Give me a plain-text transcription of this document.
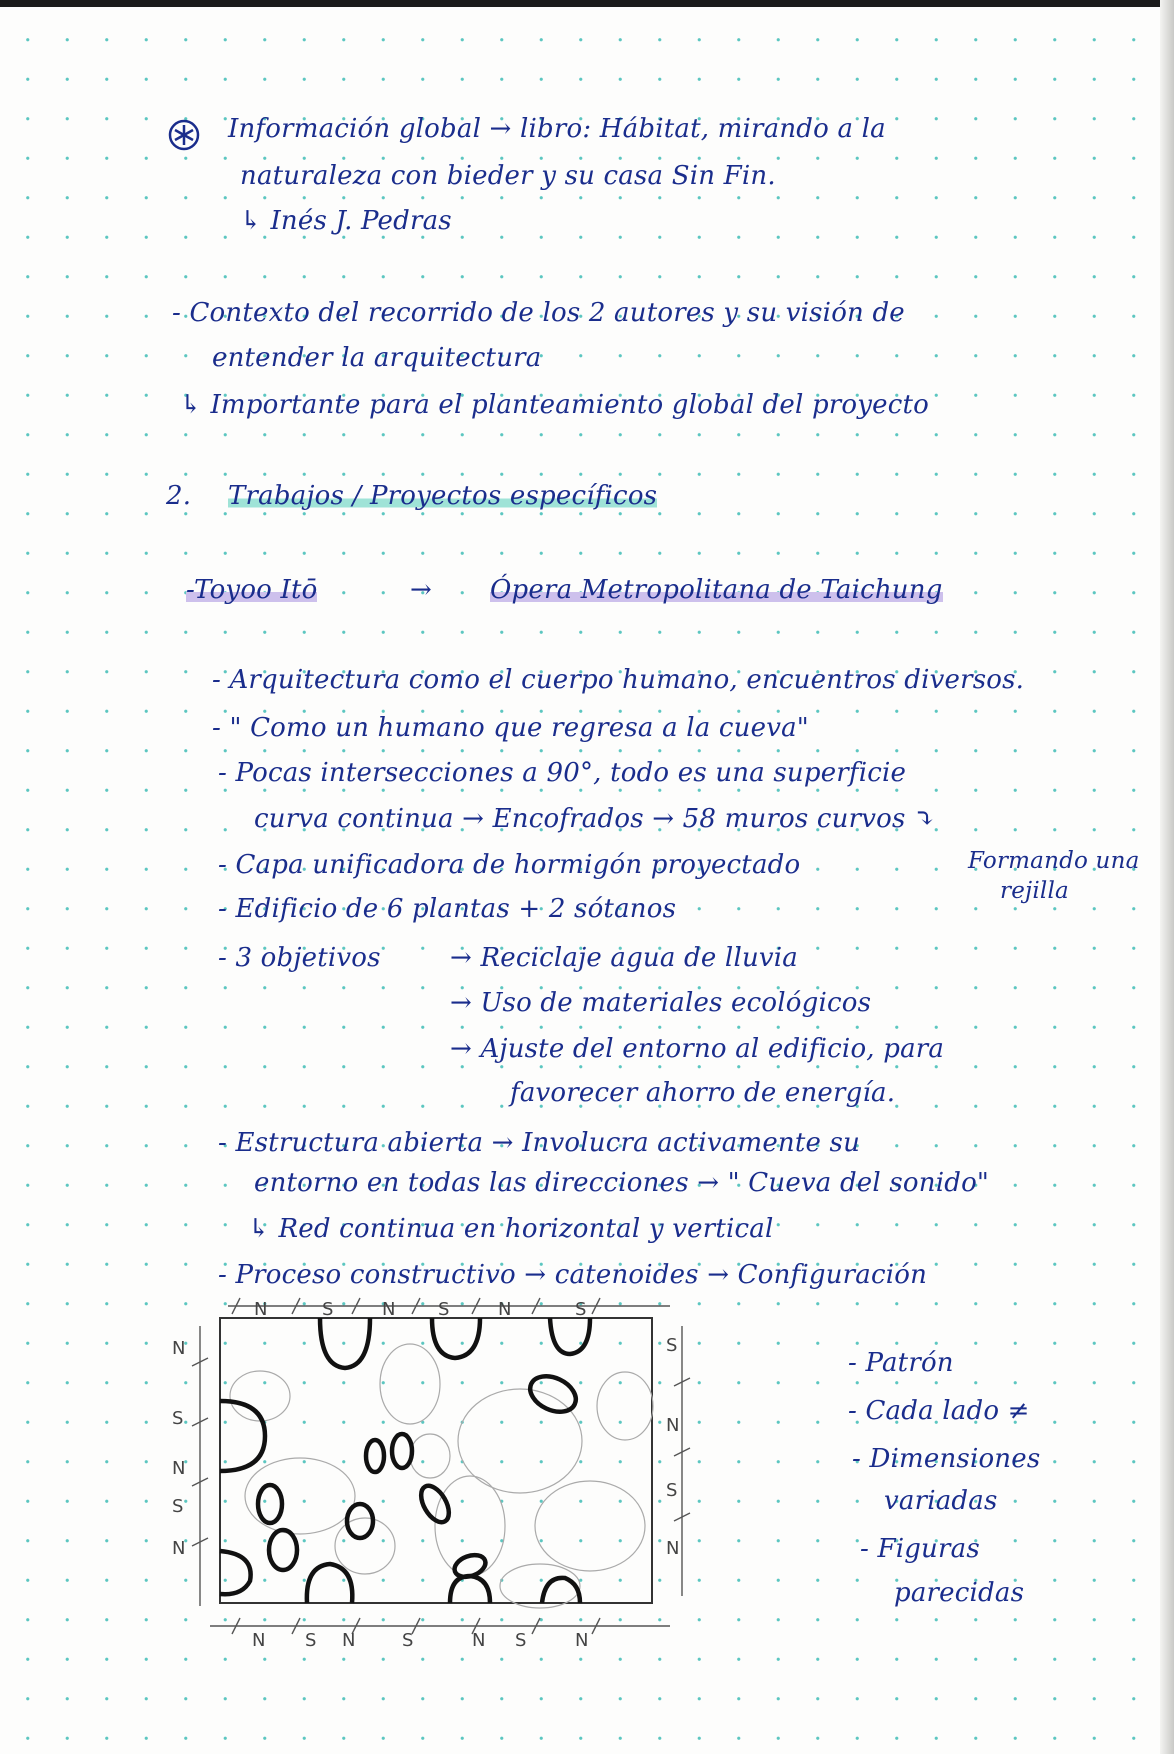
Información global → libro: Hábitat, mirando a la
naturaleza con bieder y su casa Sin Fin.
↳ Inés J. Pedras
- Contexto del recorrido de los 2 autores y su visión de
entender la arquitectura
↳ Importante para el planteamiento global del proyecto
2. Trabajos / Proyectos específicos
-Toyoo Itō	→ Ópera Metropolitana de Taichung
- Arquitectura como el cuerpo humano, encuentros diversos.
- " Como un humano que regresa a la cueva"
- Pocas intersecciones a 90°, todo es una superficie
curva continua → Encofrados → 58 muros curvos ⤵
- Capa unificadora de hormigón proyectado	Formando una
rejilla
- Edificio de 6 plantas + 2 sótanos
- 3 objetivos	→ Reciclaje agua de lluvia
→ Uso de materiales ecológicos
→ Ajuste del entorno al edificio, para
favorecer ahorro de energía.
- Estructura abierta → Involucra activamente su
entorno en todas las direcciones → " Cueva del sonido"
↳ Red continua en horizontal y vertical
- Proceso constructivo → catenoides → Configuración
N	S	N S	N	S
N
S
N
S
N
S
N
S
N
N S N	S	N S	N
- Patrón
- Cada lado ≠
- Dimensiones
variadas
- Figuras
parecidas
